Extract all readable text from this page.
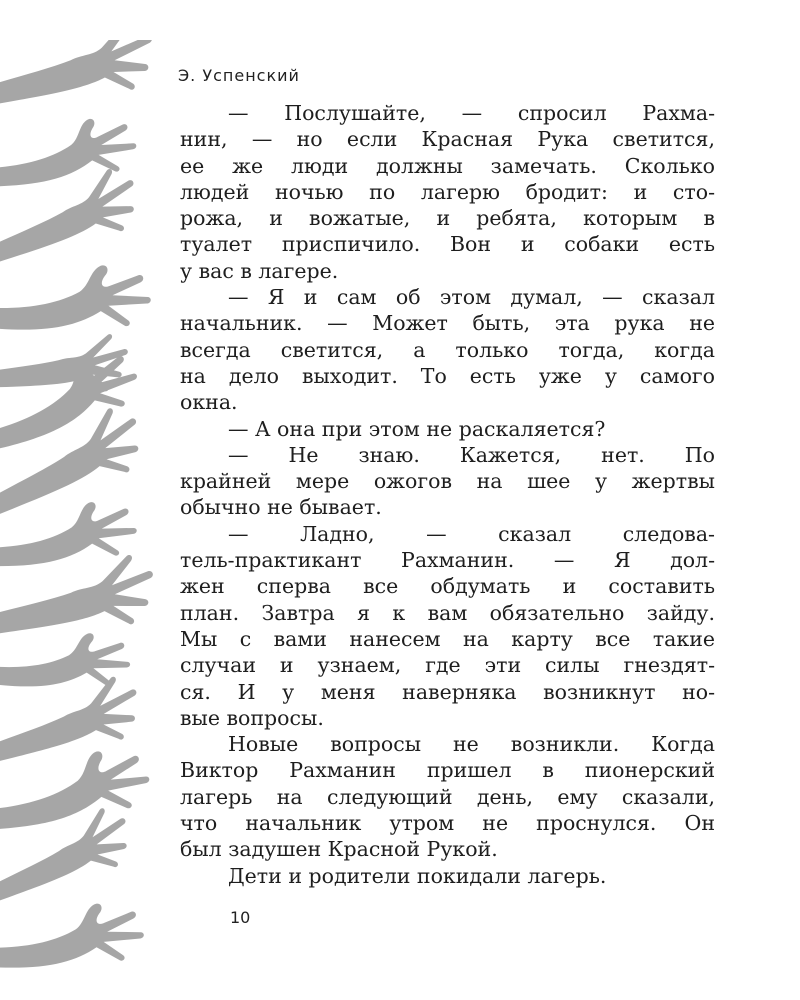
Э. Успенский
— Послушайте, — спросил Рахма-
нин, — но если Красная Рука светится,
ее же люди должны замечать. Сколько
людей ночью по лагерю бродит: и сто-
рожа, и вожатые, и ребята, которым в
туалет приспичило. Вон и собаки есть
у вас в лагере.
— Я и сам об этом думал, — сказал
начальник. — Может быть, эта рука не
всегда светится, а только тогда, когда
на дело выходит. То есть уже у самого
окна.
— А она при этом не раскаляется?
— Не знаю. Кажется, нет. По
крайней мере ожогов на шее у жертвы
обычно не бывает.
— Ладно, — сказал следова-
тель-практикант Рахманин. — Я дол-
жен сперва все обдумать и составить
план. Завтра я к вам обязательно зайду.
Мы с вами нанесем на карту все такие
случаи и узнаем, где эти силы гнездят-
ся. И у меня наверняка возникнут но-
вые вопросы.
Новые вопросы не возникли. Когда
Виктор Рахманин пришел в пионерский
лагерь на следующий день, ему сказали,
что начальник утром не проснулся. Он
был задушен Красной Рукой.
Дети и родители покидали лагерь.
10
